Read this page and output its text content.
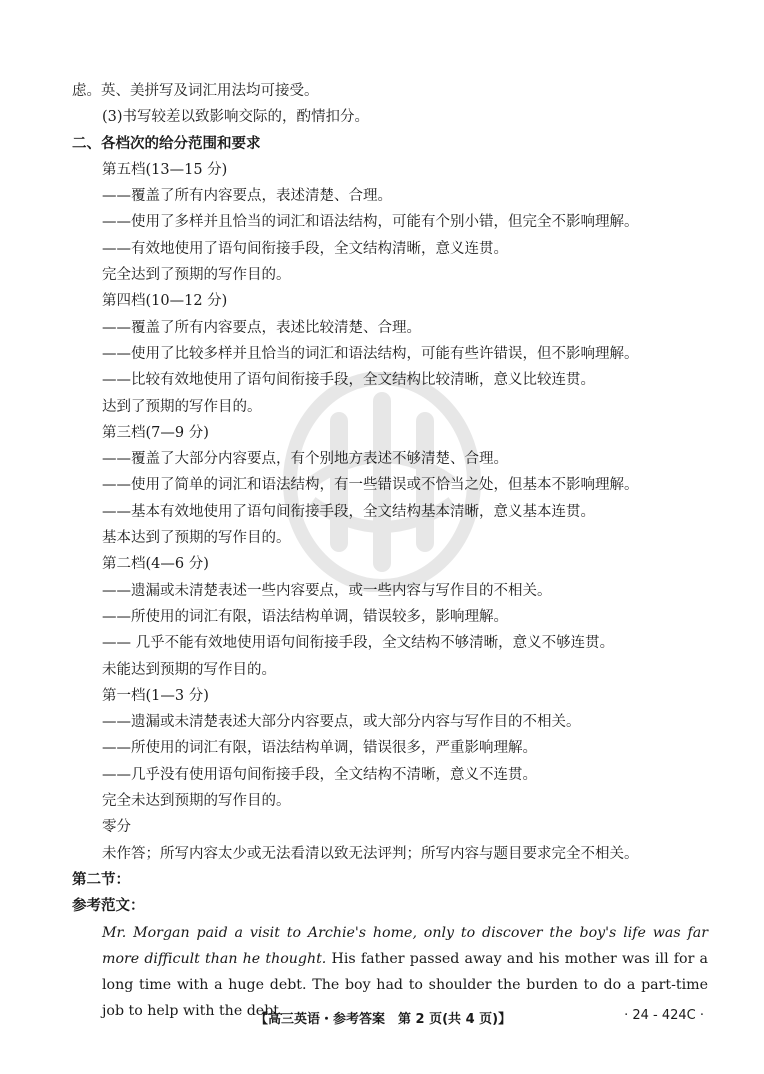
虑。英、美拼写及词汇用法均可接受。
(3)书写较差以致影响交际的，酌情扣分。
二、各档次的给分范围和要求
第五档(13—15 分)
——覆盖了所有内容要点，表述清楚、合理。
——使用了多样并且恰当的词汇和语法结构，可能有个别小错，但完全不影响理解。
——有效地使用了语句间衔接手段，全文结构清晰，意义连贯。
完全达到了预期的写作目的。
第四档(10—12 分)
——覆盖了所有内容要点，表述比较清楚、合理。
——使用了比较多样并且恰当的词汇和语法结构，可能有些许错误，但不影响理解。
——比较有效地使用了语句间衔接手段，全文结构比较清晰，意义比较连贯。
达到了预期的写作目的。
第三档(7—9 分)
——覆盖了大部分内容要点，有个别地方表述不够清楚、合理。
——使用了简单的词汇和语法结构，有一些错误或不恰当之处，但基本不影响理解。
——基本有效地使用了语句间衔接手段，全文结构基本清晰，意义基本连贯。
基本达到了预期的写作目的。
第二档(4—6 分)
——遗漏或未清楚表述一些内容要点，或一些内容与写作目的不相关。
——所使用的词汇有限，语法结构单调，错误较多，影响理解。
—— 几乎不能有效地使用语句间衔接手段，全文结构不够清晰，意义不够连贯。
未能达到预期的写作目的。
第一档(1—3 分)
——遗漏或未清楚表述大部分内容要点，或大部分内容与写作目的不相关。
——所使用的词汇有限，语法结构单调，错误很多，严重影响理解。
——几乎没有使用语句间衔接手段，全文结构不清晰，意义不连贯。
完全未达到预期的写作目的。
零分
未作答；所写内容太少或无法看清以致无法评判；所写内容与题目要求完全不相关。
第二节：
参考范文：
Mr. Morgan paid a visit to Archie's home, only to discover the boy's life was far more difficult than he thought. His father passed away and his mother was ill for a long time with a huge debt. The boy had to shoulder the burden to do a part-time job to help with the debt.
【高三英语・参考答案　第 2 页(共 4 页)】	· 24 - 424C ·
